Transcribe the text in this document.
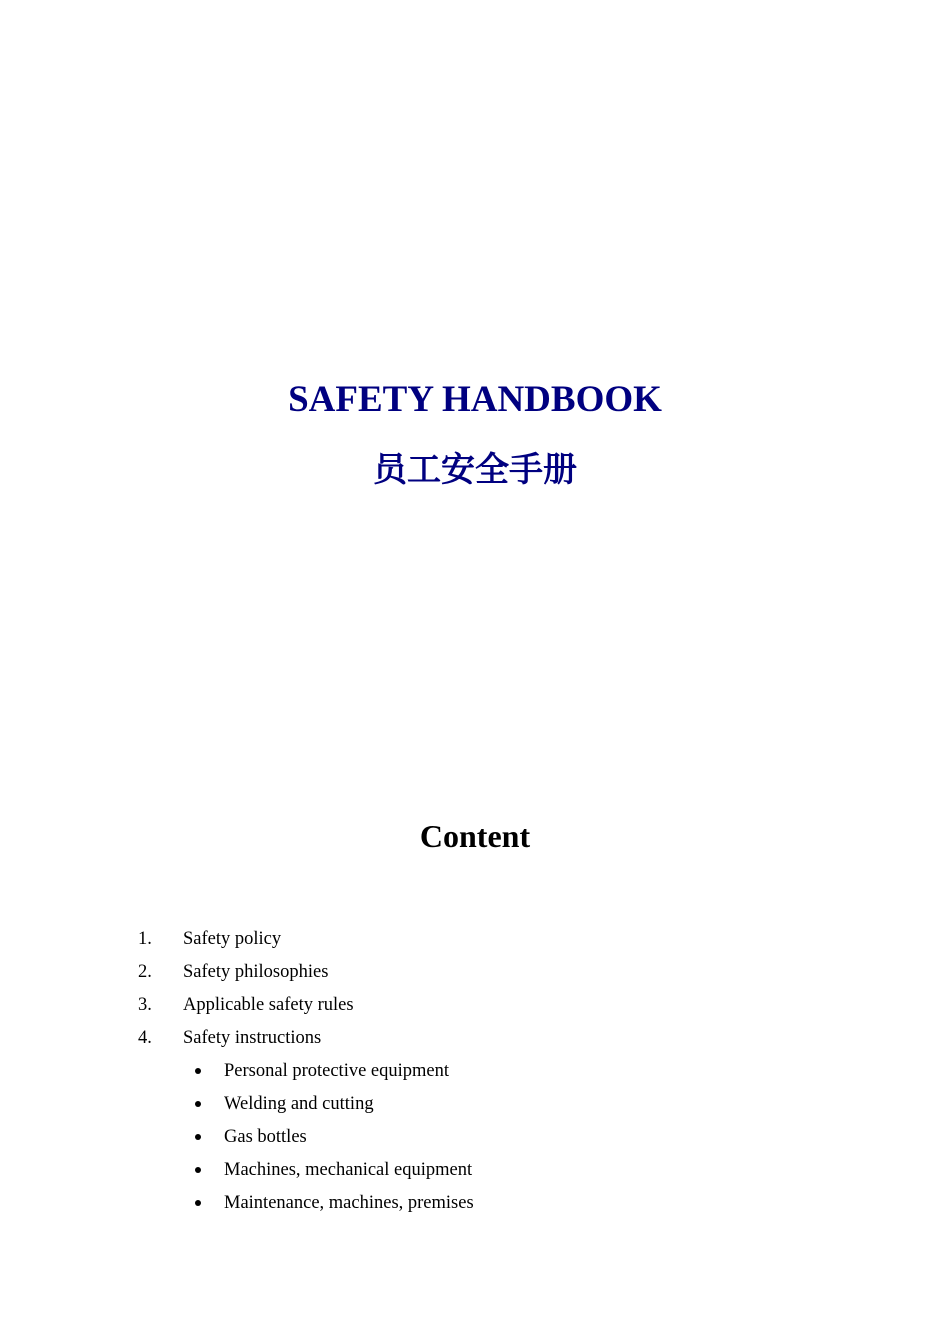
SAFETY HANDBOOK
员工安全手册
Content
1. Safety policy
2. Safety philosophies
3. Applicable safety rules
4. Safety instructions
Personal protective equipment
Welding and cutting
Gas bottles
Machines, mechanical equipment
Maintenance, machines, premises
